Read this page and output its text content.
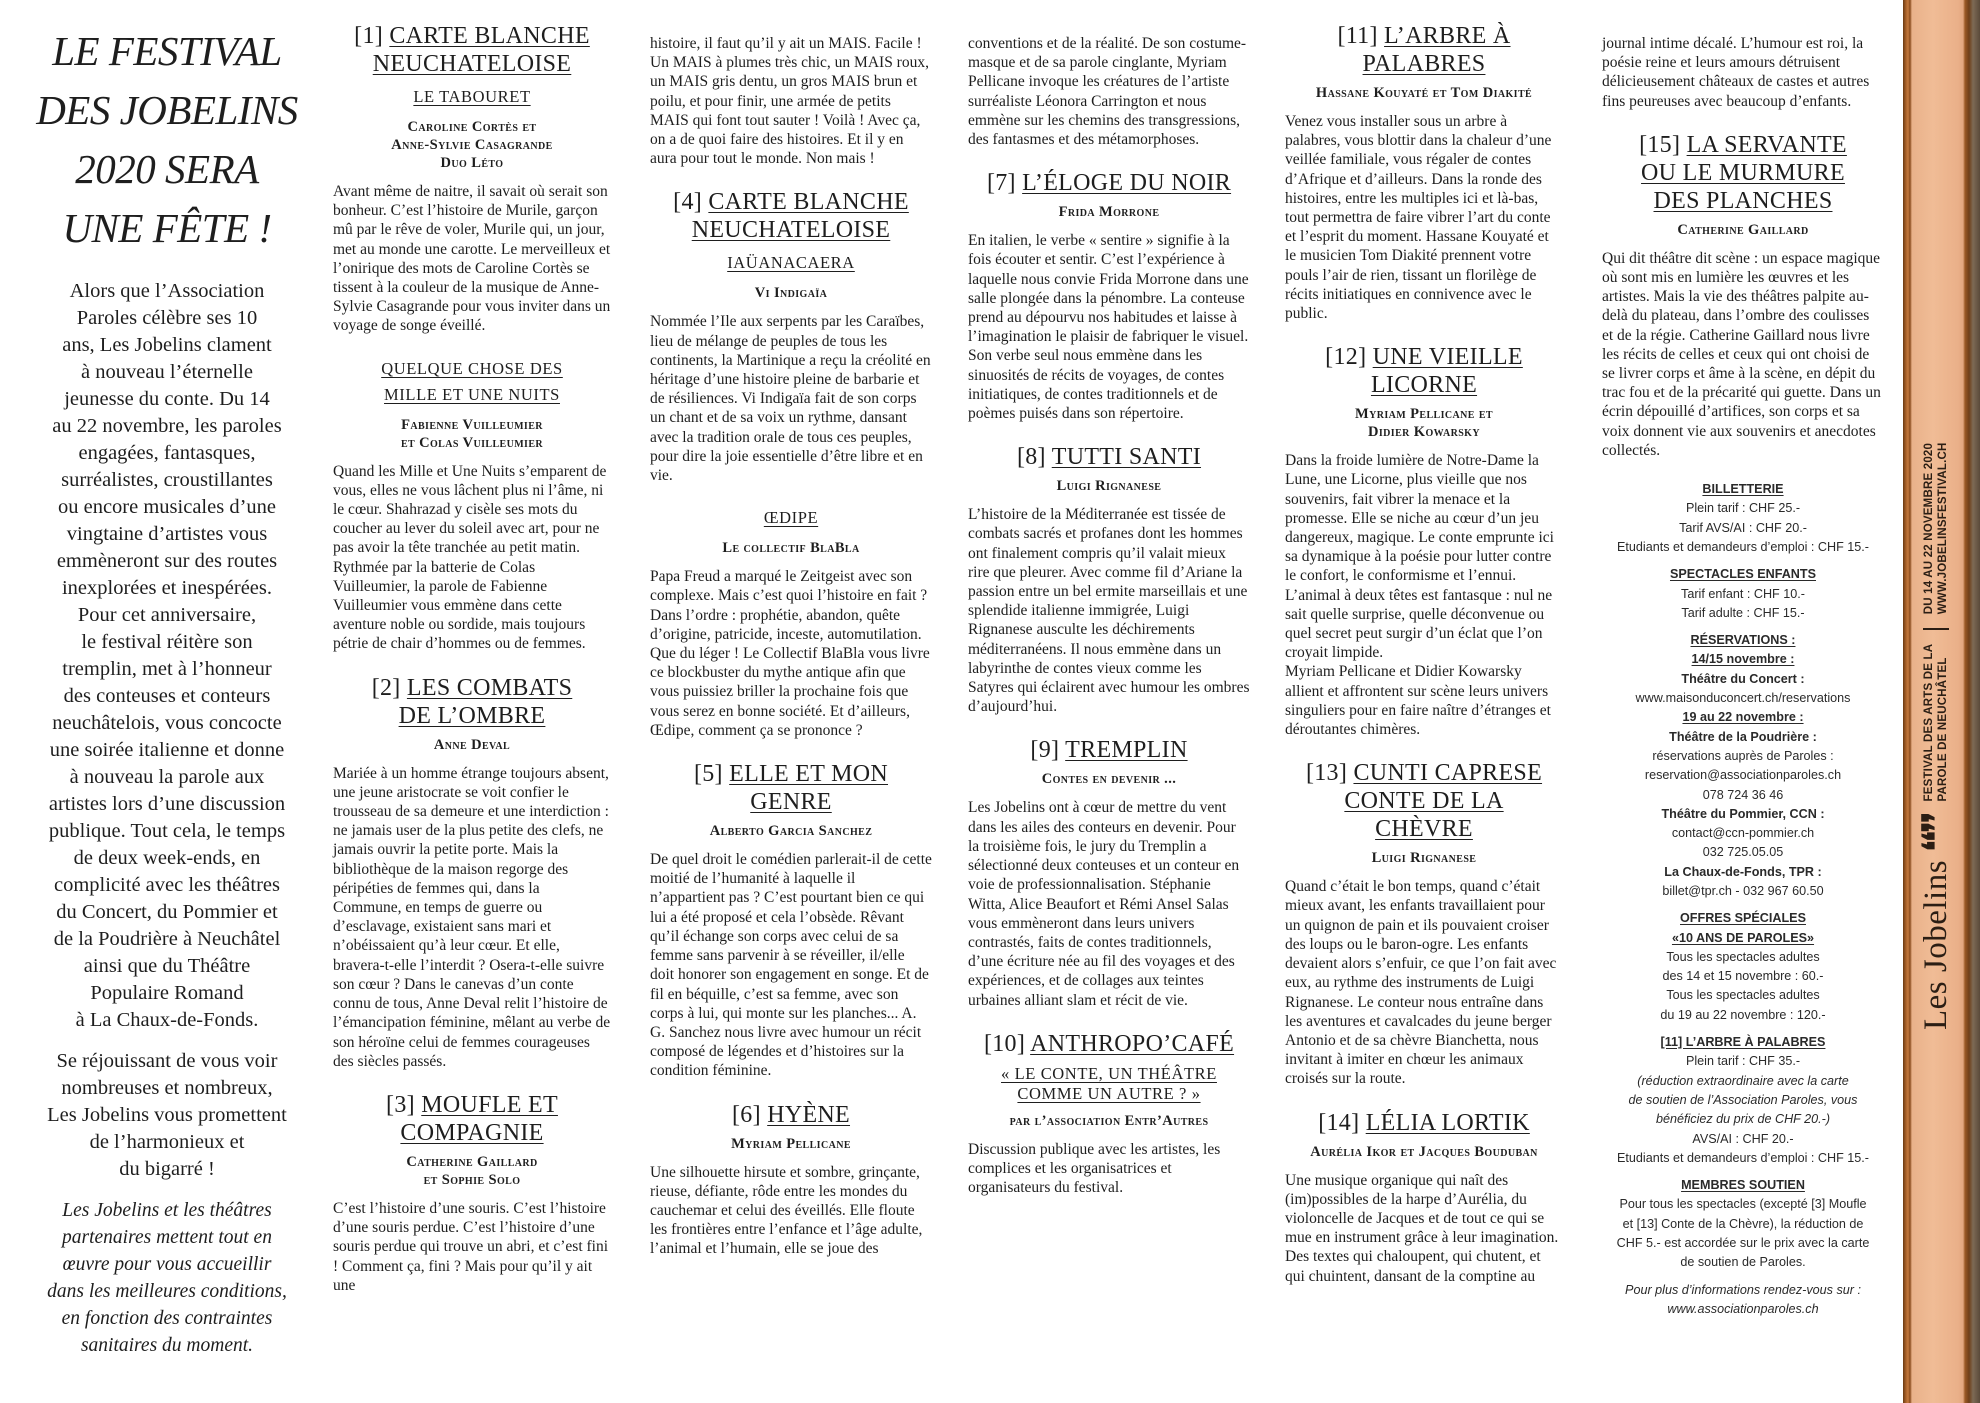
LE FESTIVAL
DES JOBELINS
2020 SERA
UNE FÊTE !
Alors que l’Association
Paroles célèbre ses 10
ans, Les Jobelins clament
à nouveau l’éternelle
jeunesse du conte. Du 14
au 22 novembre, les paroles
engagées, fantasques,
surréalistes, croustillantes
ou encore musicales d’une
vingtaine d’artistes vous
emmèneront sur des routes
inexplorées et inespérées.
Pour cet anniversaire,
le festival réitère son
tremplin, met à l’honneur
des conteuses et conteurs
neuchâtelois, vous concocte
une soirée italienne et donne
à nouveau la parole aux
artistes lors d’une discussion
publique. Tout cela, le temps
de deux week-ends, en
complicité avec les théâtres
du Concert, du Pommier et
de la Poudrière à Neuchâtel
ainsi que du Théâtre
Populaire Romand
à La Chaux-de-Fonds.
Se réjouissant de vous voir
nombreuses et nombreux,
Les Jobelins vous promettent
de l’harmonieux et
du bigarré !
Les Jobelins et les théâtres
partenaires mettent tout en
œuvre pour vous accueillir
dans les meilleures conditions,
en fonction des contraintes
sanitaires du moment.
[1] CARTE BLANCHE
NEUCHATELOISE
LE TABOURET
Caroline Cortès et
Anne-Sylvie Casagrande
Duo Léto

Avant même de naitre, il savait où serait son bonheur. C’est l’histoire de Murile, garçon mû par le rêve de voler, Murile qui, un jour, met au monde une carotte. Le merveilleux et l’onirique des mots de Caroline Cortès se tissent à la couleur de la musique de Anne-Sylvie Casagrande pour vous inviter dans un voyage de songe éveillé.

QUELQUE CHOSE DES
MILLE ET UNE NUITS
Fabienne Vuilleumier
et Colas Vuilleumier

Quand les Mille et Une Nuits s’emparent de vous, elles ne vous lâchent plus ni l’âme, ni le cœur. Shahrazad y cisèle ses mots du coucher au lever du soleil avec art, pour ne pas avoir la tête tranchée au petit matin. Rythmée par la batterie de Colas Vuilleumier, la parole de Fabienne Vuilleumier vous emmène dans cette aventure noble ou sordide, mais toujours pétrie de chair d’hommes ou de femmes.

[2] LES COMBATS
DE L’OMBRE
Anne Deval

Mariée à un homme étrange toujours absent, une jeune aristocrate se voit confier le trousseau de sa demeure et une interdiction : ne jamais user de la plus petite des clefs, ne jamais ouvrir la petite porte. Mais la bibliothèque de la maison regorge des péripéties de femmes qui, dans la Commune, en temps de guerre ou d’esclavage, existaient sans mari et n’obéissaient qu’à leur cœur. Et elle, bravera-t-elle l’interdit ? Osera-t-elle suivre son cœur ? Dans le canevas d’un conte connu de tous, Anne Deval relit l’histoire de l’émancipation féminine, mêlant au verbe de son héroïne celui de femmes courageuses des siècles passés.

[3] MOUFLE ET
COMPAGNIE
Catherine Gaillard
et Sophie Solo

C’est l’histoire d’une souris. C’est l’histoire d’une souris perdue. C’est l’histoire d’une souris perdue qui trouve un abri, et c’est fini ! Comment ça, fini ? Mais pour qu’il y ait une

histoire, il faut qu’il y ait un MAIS. Facile ! Un MAIS à plumes très chic, un MAIS roux, un MAIS gris dentu, un gros MAIS brun et poilu, et pour finir, une armée de petits MAIS qui font tout sauter ! Voilà ! Avec ça, on a de quoi faire des histoires. Et il y en aura pour tout le monde. Non mais !

[4] CARTE BLANCHE
NEUCHATELOISE
IAÜANACAERA
Vi Indigaïa

Nommée l’Ile aux serpents par les Caraïbes, lieu de mélange de peuples de tous les continents, la Martinique a reçu la créolité en héritage d’une histoire pleine de barbarie et de résiliences. Vi Indigaïa fait de son corps un chant et de sa voix un rythme, dansant avec la tradition orale de tous ces peuples, pour dire la joie essentielle d’être libre et en vie.

ŒDIPE
Le collectif BlaBla

Papa Freud a marqué le Zeitgeist avec son complexe. Mais c’est quoi l’histoire en fait ? Dans l’ordre : prophétie, abandon, quête d’origine, patricide, inceste, automutilation. Que du léger ! Le Collectif BlaBla vous livre ce blockbuster du mythe antique afin que vous puissiez briller la prochaine fois que vous serez en bonne société. Et d’ailleurs, Œdipe, comment ça se prononce ?

[5] ELLE ET MON
GENRE
Alberto Garcia Sanchez

De quel droit le comédien parlerait-il de cette moitié de l’humanité à laquelle il n’appartient pas ? C’est pourtant bien ce qui lui a été proposé et cela l’obsède. Rêvant qu’il échange son corps avec celui de sa femme sans parvenir à se réveiller, il/elle doit honorer son engagement en songe. Et de fil en béquille, c’est sa femme, avec son corps à lui, qui monte sur les planches... A. G. Sanchez nous livre avec humour un récit composé de légendes et d’histoires sur la condition féminine.

[6] HYÈNE
Myriam Pellicane

Une silhouette hirsute et sombre, grinçante, rieuse, défiante, rôde entre les mondes du cauchemar et celui des éveillés. Elle floute les frontières entre l’enfance et l’âge adulte, l’animal et l’humain, elle se joue des

conventions et de la réalité. De son costume-masque et de sa parole cinglante, Myriam Pellicane invoque les créatures de l’artiste surréaliste Léonora Carrington et nous emmène sur les chemins des transgressions, des fantasmes et des métamorphoses.

[7] L’ÉLOGE DU NOIR
Frida Morrone

En italien, le verbe « sentire » signifie à la fois écouter et sentir. C’est l’expérience à laquelle nous convie Frida Morrone dans une salle plongée dans la pénombre. La conteuse prend au dépourvu nos habitudes et laisse à l’imagination le plaisir de fabriquer le visuel. Son verbe seul nous emmène dans les sinuosités de récits de voyages, de contes initiatiques, de contes traditionnels et de poèmes puisés dans son répertoire.

[8] TUTTI SANTI
Luigi Rignanese

L’histoire de la Méditerranée est tissée de combats sacrés et profanes dont les hommes ont finalement compris qu’il valait mieux rire que pleurer. Avec comme fil d’Ariane la passion entre un bel ermite marseillais et une splendide italienne immigrée, Luigi Rignanese ausculte les déchirements méditerranéens. Il nous emmène dans un labyrinthe de contes vieux comme les Satyres qui éclairent avec humour les ombres d’aujourd’hui.

[9] TREMPLIN
Contes en devenir ...

Les Jobelins ont à cœur de mettre du vent dans les ailes des conteurs en devenir. Pour la troisième fois, le jury du Tremplin a sélectionné deux conteuses et un conteur en voie de professionnalisation. Stéphanie Witta, Alice Beaufort et Rémi Ansel Salas vous emmèneront dans leurs univers contrastés, faits de contes traditionnels, d’une écriture née au fil des voyages et des expériences, et de collages aux teintes urbaines alliant slam et récit de vie.

[10] ANTHROPO’CAFÉ
« LE CONTE, UN THÉÂTRE
COMME UN AUTRE ? »
par l’association Entr’Autres

Discussion publique avec les artistes, les complices et les organisatrices et organisateurs du festival.

[11] L’ARBRE À
PALABRES
Hassane Kouyaté et Tom Diakité

Venez vous installer sous un arbre à palabres, vous blottir dans la chaleur d’une veillée familiale, vous régaler de contes d’Afrique et d’ailleurs. Dans la ronde des histoires, entre les multiples ici et là-bas, tout permettra de faire vibrer l’art du conte et l’esprit du moment. Hassane Kouyaté et le musicien Tom Diakité prennent votre pouls l’air de rien, tissant un florilège de récits initiatiques en connivence avec le public.

[12] UNE VIEILLE
LICORNE
Myriam Pellicane et
Didier Kowarsky

Dans la froide lumière de Notre-Dame la Lune, une Licorne, plus vieille que nos souvenirs, fait vibrer la menace et la promesse. Elle se niche au cœur d’un jeu dangereux, magique. Le conte emprunte ici sa dynamique à la poésie pour lutter contre le confort, le conformisme et l’ennui. L’animal à deux têtes est fantasque : nul ne sait quelle surprise, quelle déconvenue ou quel secret peut surgir d’un éclat que l’on croyait limpide.

Myriam Pellicane et Didier Kowarsky allient et affrontent sur scène leurs univers singuliers pour en faire naître d’étranges et déroutantes chimères.

[13] CUNTI CAPRESE
CONTE DE LA
CHÈVRE
Luigi Rignanese

Quand c’était le bon temps, quand c’était mieux avant, les enfants travaillaient pour un quignon de pain et ils pouvaient croiser des loups ou le baron-ogre. Les enfants devaient alors s’enfuir, ce que l’on fait avec eux, au rythme des instruments de Luigi Rignanese. Le conteur nous entraîne dans les aventures et cavalcades du jeune berger Antonio et de sa chèvre Bianchetta, nous invitant à imiter en chœur les animaux croisés sur la route.

[14] LÉLIA LORTIK
Aurélia Ikor et Jacques Bouduban

Une musique organique qui naît des (im)possibles de la harpe d’Aurélia, du violoncelle de Jacques et de tout ce qui se mue en instrument grâce à leur imagination. Des textes qui chaloupent, qui chutent, et qui chuintent, dansant de la comptine au

journal intime décalé. L’humour est roi, la poésie reine et leurs amours détruisent délicieusement châteaux de castes et autres fins peureuses avec beaucoup d’enfants.

[15] LA SERVANTE
OU LE MURMURE
DES PLANCHES
Catherine Gaillard

Qui dit théâtre dit scène : un espace magique où sont mis en lumière les œuvres et les artistes. Mais la vie des théâtres palpite au-delà du plateau, dans l’ombre des coulisses et de la régie. Catherine Gaillard nous livre les récits de celles et ceux qui ont choisi de se livrer corps et âme à la scène, en dépit du trac fou et de la précarité qui guette. Dans un écrin dépouillé d’artifices, son corps et sa voix donnent vie aux souvenirs et anecdotes collectés.

BILLETTERIE
Plein tarif : CHF 25.-
Tarif AVS/AI : CHF 20.-
Etudiants et demandeurs d’emploi : CHF 15.-
SPECTACLES ENFANTS
Tarif enfant : CHF 10.-
Tarif adulte : CHF 15.-
RÉSERVATIONS :
14/15 novembre :
Théâtre du Concert :
www.maisonduconcert.ch/reservations
19 au 22 novembre :
Théâtre de la Poudrière :
réservations auprès de Paroles :
reservation@associationparoles.ch
078 724 36 46
Théâtre du Pommier, CCN :
contact@ccn-pommier.ch
032 725.05.05
La Chaux-de-Fonds, TPR :
billet@tpr.ch - 032 967 60.50
OFFRES SPÉCIALES
«10 ANS DE PAROLES»
Tous les spectacles adultes
des 14 et 15 novembre : 60.-
Tous les spectacles adultes
du 19 au 22 novembre : 120.-
[11] L’ARBRE À PALABRES
Plein tarif : CHF 35.-
(réduction extraordinaire avec la carte
de soutien de l’Association Paroles, vous
bénéficiez du prix de CHF 20.-)
AVS/AI : CHF 20.-
Etudiants et demandeurs d’emploi : CHF 15.-
MEMBRES SOUTIEN
Pour tous les spectacles (excepté [3] Moufle
et [13] Conte de la Chèvre), la réduction de
CHF 5.- est accordée sur le prix avec la carte
de soutien de Paroles.
Pour plus d’informations rendez-vous sur :
www.associationparoles.ch
Les Jobelins
❛❛❜❜
FESTIVAL DES ARTS DE LA PAROLE DE NEUCHÂTEL
DU 14 AU 22 NOVEMBRE 2020 WWW.JOBELINSFESTIVAL.CH
